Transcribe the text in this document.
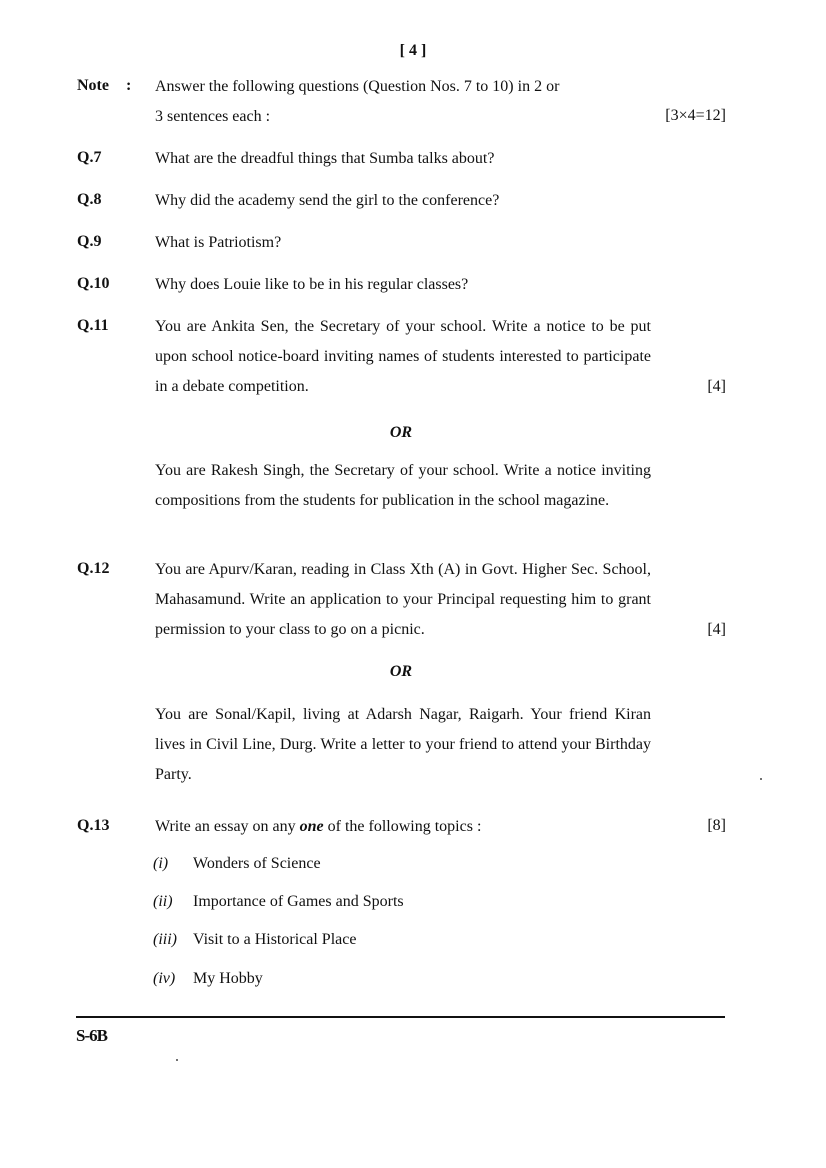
[ 4 ]
Note : Answer the following questions (Question Nos. 7 to 10) in 2 or
3 sentences each :	[3×4=12]
Q.7	What are the dreadful things that Sumba talks about?
Q.8	Why did the academy send the girl to the conference?
Q.9	What is Patriotism?
Q.10	Why does Louie like to be in his regular classes?
Q.11	You are Ankita Sen, the Secretary of your school. Write a notice to be put upon school notice-board inviting names of students interested to participate in a debate competition.	[4]
OR
You are Rakesh Singh, the Secretary of your school. Write a notice inviting compositions from the students for publication in the school magazine.
Q.12	You are Apurv/Karan, reading in Class Xth (A) in Govt. Higher Sec. School, Mahasamund. Write an application to your Principal requesting him to grant permission to your class to go on a picnic.	[4]
OR
You are Sonal/Kapil, living at Adarsh Nagar, Raigarh. Your friend Kiran lives in Civil Line, Durg. Write a letter to your friend to attend your Birthday Party.
Q.13	Write an essay on any one of the following topics :	[8]
(i) Wonders of Science
(ii) Importance of Games and Sports
(iii) Visit to a Historical Place
(iv) My Hobby
S-6B
